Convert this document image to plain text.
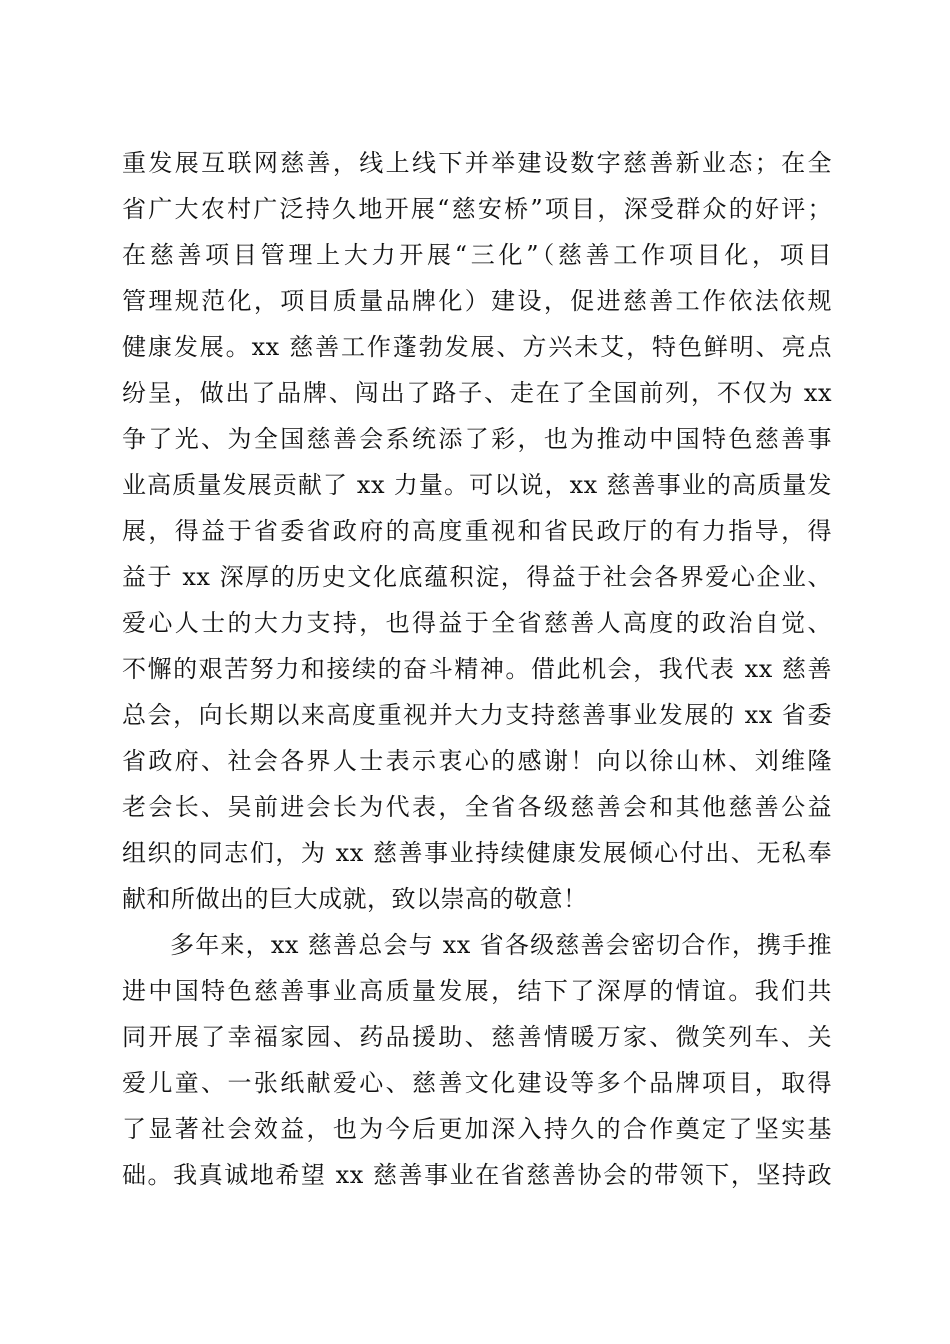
重发展互联网慈善，线上线下并举建设数字慈善新业态；在全
省广大农村广泛持久地开展“慈安桥”项目，深受群众的好评；
在慈善项目管理上大力开展“三化”（慈善工作项目化，项目
管理规范化，项目质量品牌化）建设，促进慈善工作依法依规
健康发展。xx 慈善工作蓬勃发展、方兴未艾，特色鲜明、亮点
纷呈，做出了品牌、闯出了路子、走在了全国前列，不仅为 xx
争了光、为全国慈善会系统添了彩，也为推动中国特色慈善事
业高质量发展贡献了 xx 力量。可以说，xx 慈善事业的高质量发
展，得益于省委省政府的高度重视和省民政厅的有力指导，得
益于 xx 深厚的历史文化底蕴积淀，得益于社会各界爱心企业、
爱心人士的大力支持，也得益于全省慈善人高度的政治自觉、
不懈的艰苦努力和接续的奋斗精神。借此机会，我代表 xx 慈善
总会，向长期以来高度重视并大力支持慈善事业发展的 xx 省委
省政府、社会各界人士表示衷心的感谢！向以徐山林、刘维隆
老会长、吴前进会长为代表，全省各级慈善会和其他慈善公益
组织的同志们，为 xx 慈善事业持续健康发展倾心付出、无私奉
献和所做出的巨大成就，致以崇高的敬意！
多年来，xx 慈善总会与 xx 省各级慈善会密切合作，携手推
进中国特色慈善事业高质量发展，结下了深厚的情谊。我们共
同开展了幸福家园、药品援助、慈善情暖万家、微笑列车、关
爱儿童、一张纸献爱心、慈善文化建设等多个品牌项目，取得
了显著社会效益，也为今后更加深入持久的合作奠定了坚实基
础。我真诚地希望 xx 慈善事业在省慈善协会的带领下，坚持政
